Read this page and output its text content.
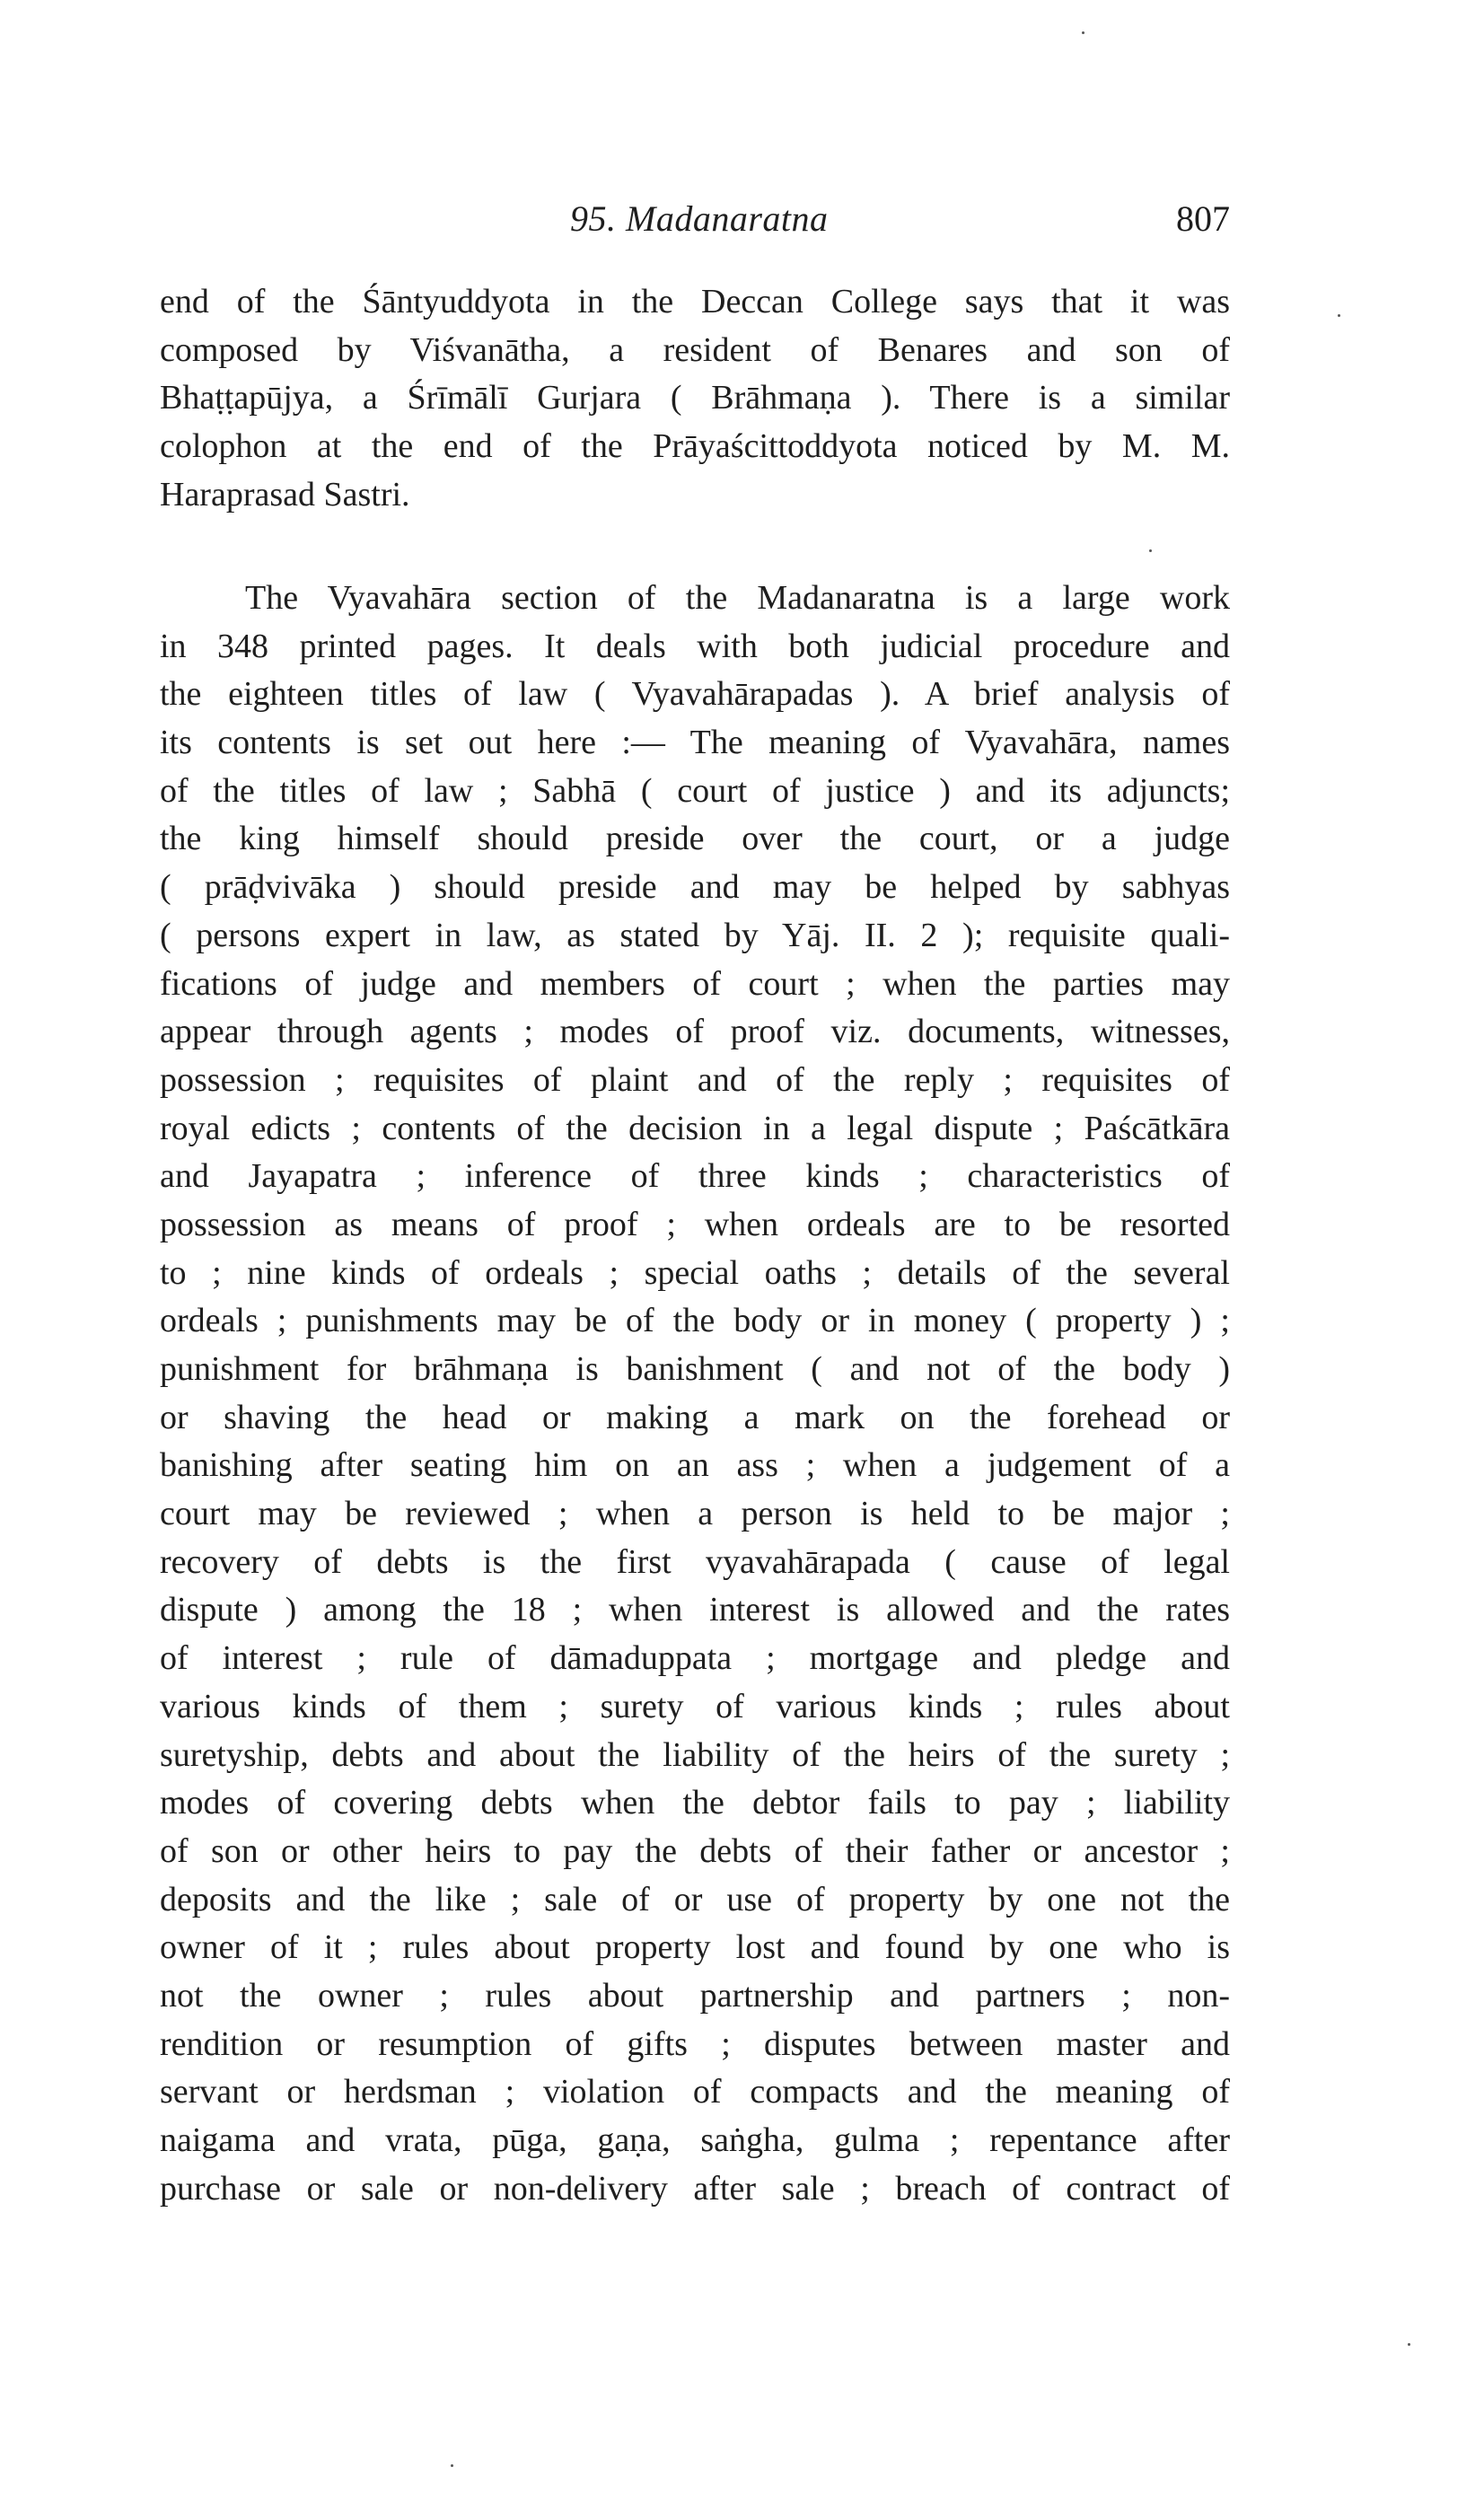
95. Madanaratna	807
end of the Śāntyuddyota in the Deccan College says that it was
composed by Viśvanātha, a resident of Benares and son of
Bhaṭṭapūjya, a Śrīmālī Gurjara ( Brāhmaṇa ). There is a similar
colophon at the end of the Prāyaścittoddyota noticed by M. M.
Haraprasad Sastri.
The Vyavahāra section of the Madanaratna is a large work
in 348 printed pages. It deals with both judicial procedure and
the eighteen titles of law ( Vyavahārapadas ). A brief analysis of
its contents is set out here :— The meaning of Vyavahāra, names
of the titles of law ; Sabhā ( court of justice ) and its adjuncts;
the king himself should preside over the court, or a judge
( prāḍvivāka ) should preside and may be helped by sabhyas
( persons expert in law, as stated by Yāj. II. 2 ); requisite quali-
fications of judge and members of court ; when the parties may
appear through agents ; modes of proof viz. documents, witnesses,
possession ; requisites of plaint and of the reply ; requisites of
royal edicts ; contents of the decision in a legal dispute ; Paścātkāra
and Jayapatra ; inference of three kinds ; characteristics of
possession as means of proof ; when ordeals are to be resorted
to ; nine kinds of ordeals ; special oaths ; details of the several
ordeals ; punishments may be of the body or in money ( property ) ;
punishment for brāhmaṇa is banishment ( and not of the body )
or shaving the head or making a mark on the forehead or
banishing after seating him on an ass ; when a judgement of a
court may be reviewed ; when a person is held to be major ;
recovery of debts is the first vyavahārapada ( cause of legal
dispute ) among the 18 ; when interest is allowed and the rates
of interest ; rule of dāmaduppata ; mortgage and pledge and
various kinds of them ; surety of various kinds ; rules about
suretyship, debts and about the liability of the heirs of the surety ;
modes of covering debts when the debtor fails to pay ; liability
of son or other heirs to pay the debts of their father or ancestor ;
deposits and the like ; sale of or use of property by one not the
owner of it ; rules about property lost and found by one who is
not the owner ; rules about partnership and partners ; non-
rendition or resumption of gifts ; disputes between master and
servant or herdsman ; violation of compacts and the meaning of
naigama and vrata, pūga, gaṇa, saṅgha, gulma ; repentance after
purchase or sale or non-delivery after sale ; breach of contract of
